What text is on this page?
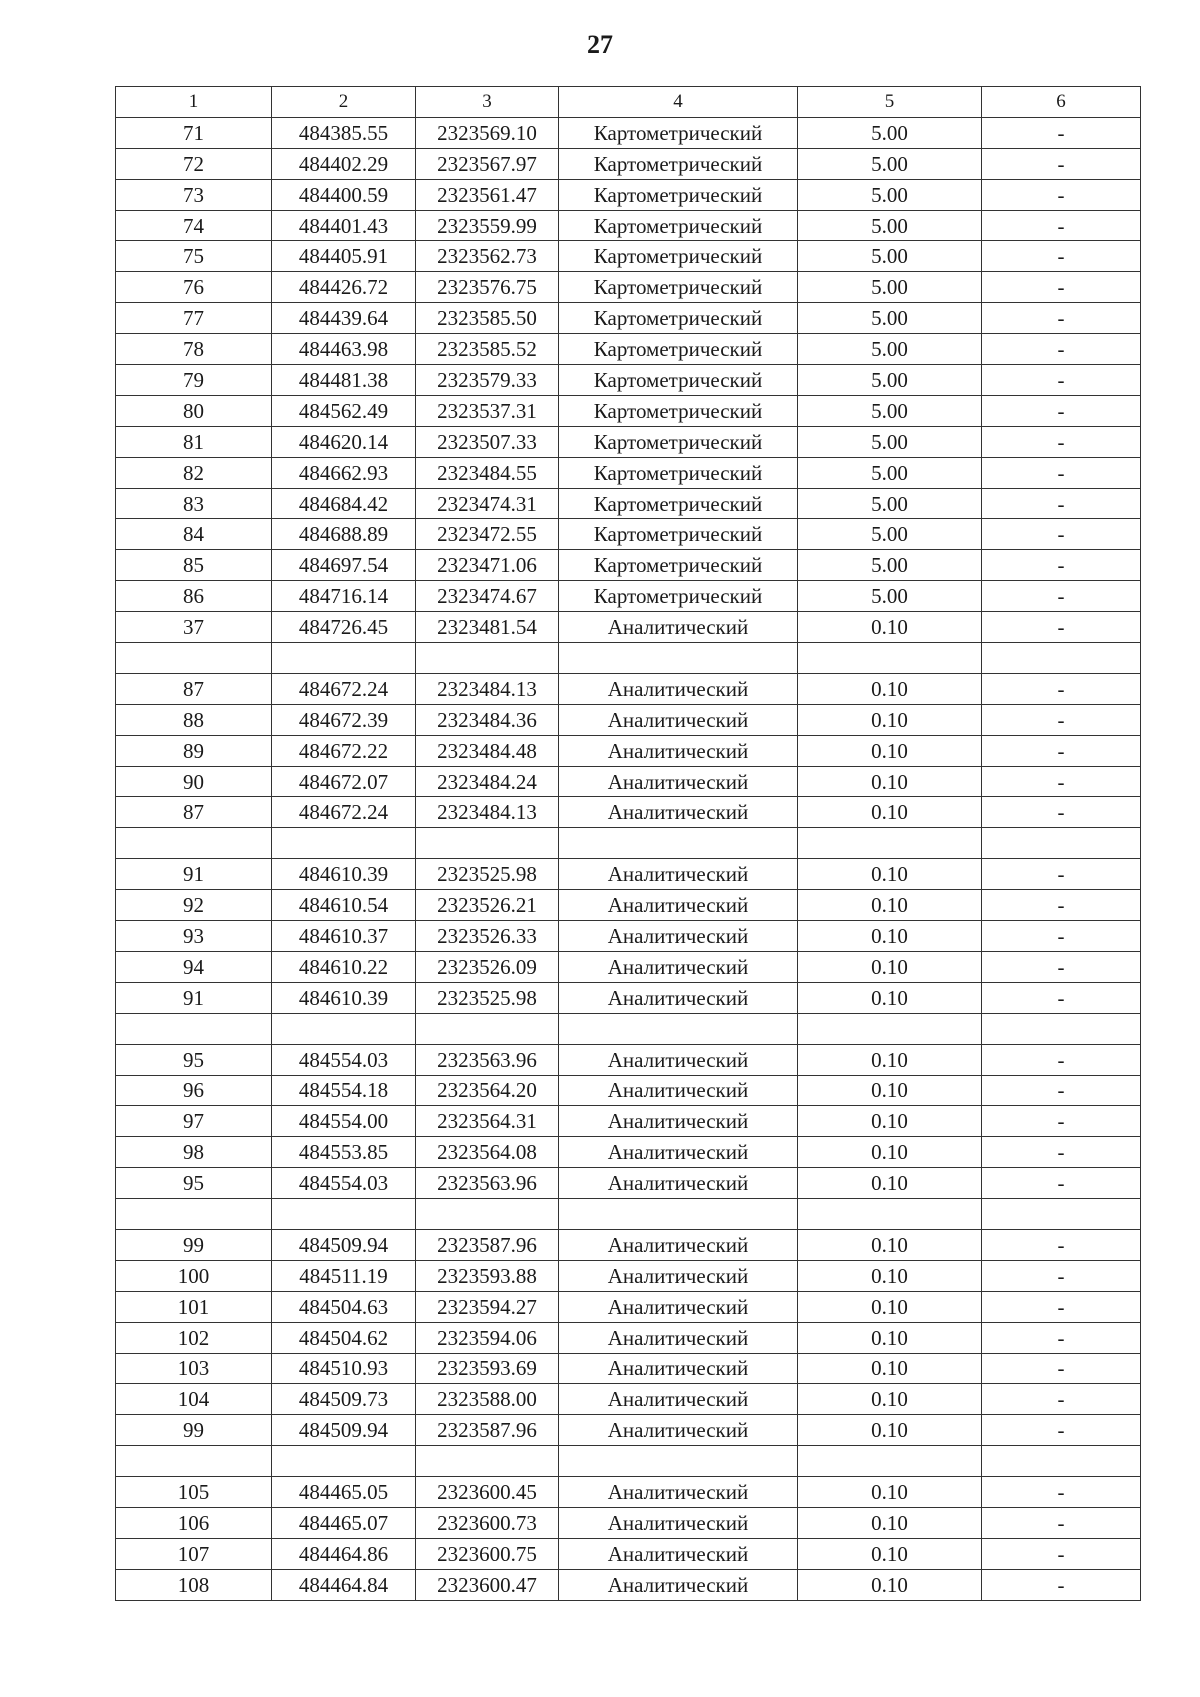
27
1	2	3	4	5	6
71	484385.55	2323569.10	Картометрический	5.00	-
72	484402.29	2323567.97	Картометрический	5.00	-
73	484400.59	2323561.47	Картометрический	5.00	-
74	484401.43	2323559.99	Картометрический	5.00	-
75	484405.91	2323562.73	Картометрический	5.00	-
76	484426.72	2323576.75	Картометрический	5.00	-
77	484439.64	2323585.50	Картометрический	5.00	-
78	484463.98	2323585.52	Картометрический	5.00	-
79	484481.38	2323579.33	Картометрический	5.00	-
80	484562.49	2323537.31	Картометрический	5.00	-
81	484620.14	2323507.33	Картометрический	5.00	-
82	484662.93	2323484.55	Картометрический	5.00	-
83	484684.42	2323474.31	Картометрический	5.00	-
84	484688.89	2323472.55	Картометрический	5.00	-
85	484697.54	2323471.06	Картометрический	5.00	-
86	484716.14	2323474.67	Картометрический	5.00	-
37	484726.45	2323481.54	Аналитический	0.10	-

87	484672.24	2323484.13	Аналитический	0.10	-
88	484672.39	2323484.36	Аналитический	0.10	-
89	484672.22	2323484.48	Аналитический	0.10	-
90	484672.07	2323484.24	Аналитический	0.10	-
87	484672.24	2323484.13	Аналитический	0.10	-

91	484610.39	2323525.98	Аналитический	0.10	-
92	484610.54	2323526.21	Аналитический	0.10	-
93	484610.37	2323526.33	Аналитический	0.10	-
94	484610.22	2323526.09	Аналитический	0.10	-
91	484610.39	2323525.98	Аналитический	0.10	-

95	484554.03	2323563.96	Аналитический	0.10	-
96	484554.18	2323564.20	Аналитический	0.10	-
97	484554.00	2323564.31	Аналитический	0.10	-
98	484553.85	2323564.08	Аналитический	0.10	-
95	484554.03	2323563.96	Аналитический	0.10	-

99	484509.94	2323587.96	Аналитический	0.10	-
100	484511.19	2323593.88	Аналитический	0.10	-
101	484504.63	2323594.27	Аналитический	0.10	-
102	484504.62	2323594.06	Аналитический	0.10	-
103	484510.93	2323593.69	Аналитический	0.10	-
104	484509.73	2323588.00	Аналитический	0.10	-
99	484509.94	2323587.96	Аналитический	0.10	-

105	484465.05	2323600.45	Аналитический	0.10	-
106	484465.07	2323600.73	Аналитический	0.10	-
107	484464.86	2323600.75	Аналитический	0.10	-
108	484464.84	2323600.47	Аналитический	0.10	-
